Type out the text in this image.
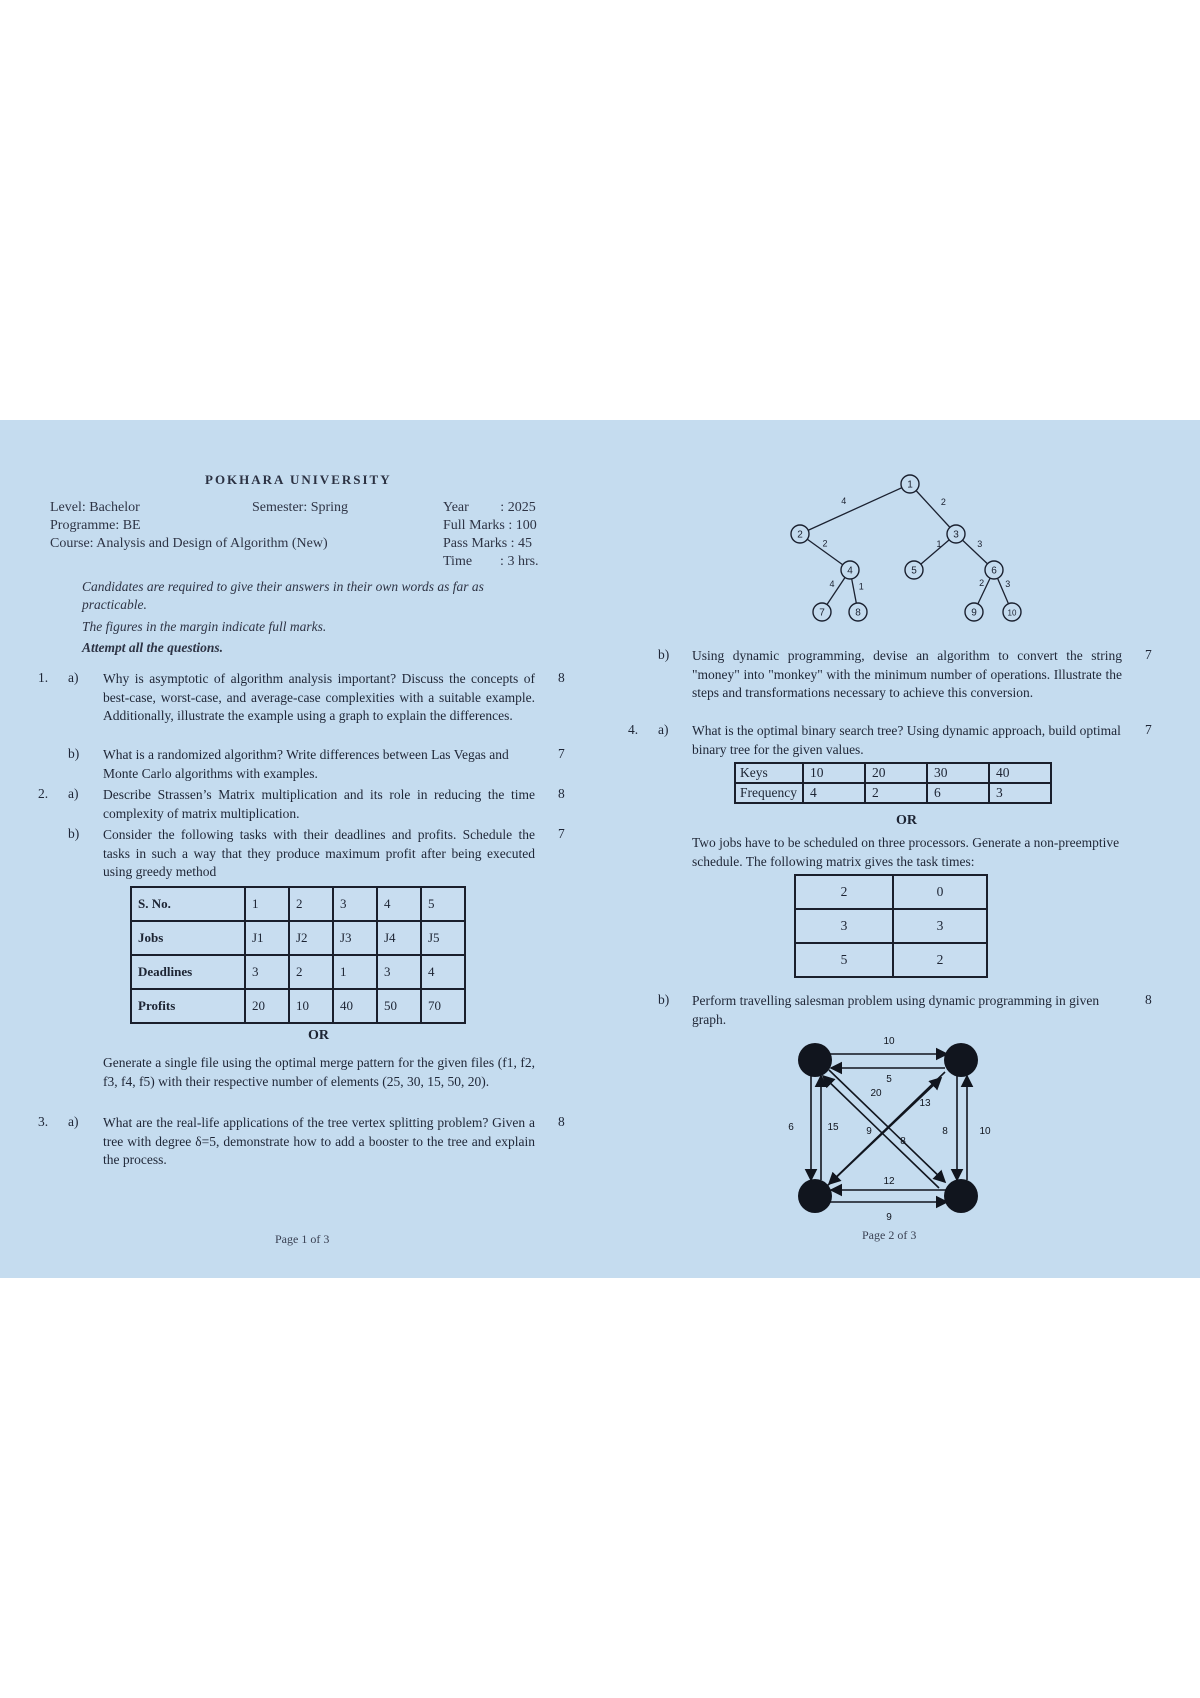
POKHARA UNIVERSITY
Level: Bachelor	Semester: Spring
Programme: BE
Course: Analysis and Design of Algorithm (New)
Year         : 2025
Full Marks : 100
Pass Marks : 45
Time        : 3 hrs.
Candidates are required to give their answers in their own words as far as practicable.
The figures in the margin indicate full marks.
Attempt all the questions.
1. a) Why is asymptotic of algorithm analysis important? Discuss the concepts of best-case, worst-case, and average-case complexities with a suitable example. Additionally, illustrate the example using a graph to explain the differences.
8
b) What is a randomized algorithm? Write differences between Las Vegas and Monte Carlo algorithms with examples.
7
2. a) Describe Strassen’s Matrix multiplication and its role in reducing the time complexity of matrix multiplication.
8
b) Consider the following tasks with their deadlines and profits. Schedule the tasks in such a way that they produce maximum profit after being executed using greedy method
7
S. No.	1	2	3	4	5
Jobs	J1	J2	J3	J4	J5
Deadlines	3	2	1	3	4
Profits	20	10	40	50	70
OR
Generate a single file using the optimal merge pattern for the given files (f1, f2, f3, f4, f5) with their respective number of elements (25, 30, 15, 50, 20).
3. a) What are the real-life applications of the tree vertex splitting problem? Given a tree with degree δ=5, demonstrate how to add a booster to the tree and explain the process.
8
Page 1 of 3
4	2
2	1	3
4	1	2 3
1
2	3
4	5	6
7	8	9	10
b) Using dynamic programming, devise an algorithm to convert the string "money" into "monkey" with the minimum number of operations. Illustrate the steps and transformations necessary to achieve this conversion.
7
4. a) What is the optimal binary search tree? Using dynamic approach, build optimal binary tree for the given values.
7
Keys	10	20	30	40
Frequency	4	2	6	3
OR
Two jobs have to be scheduled on three processors. Generate a non-preemptive schedule. The following matrix gives the task times:
2	0
3	3
5	2
b) Perform travelling salesman problem using dynamic programming in given graph.
8
10
5
20
13
6	15	9
8
8	10
12
9
Page 2 of 3
